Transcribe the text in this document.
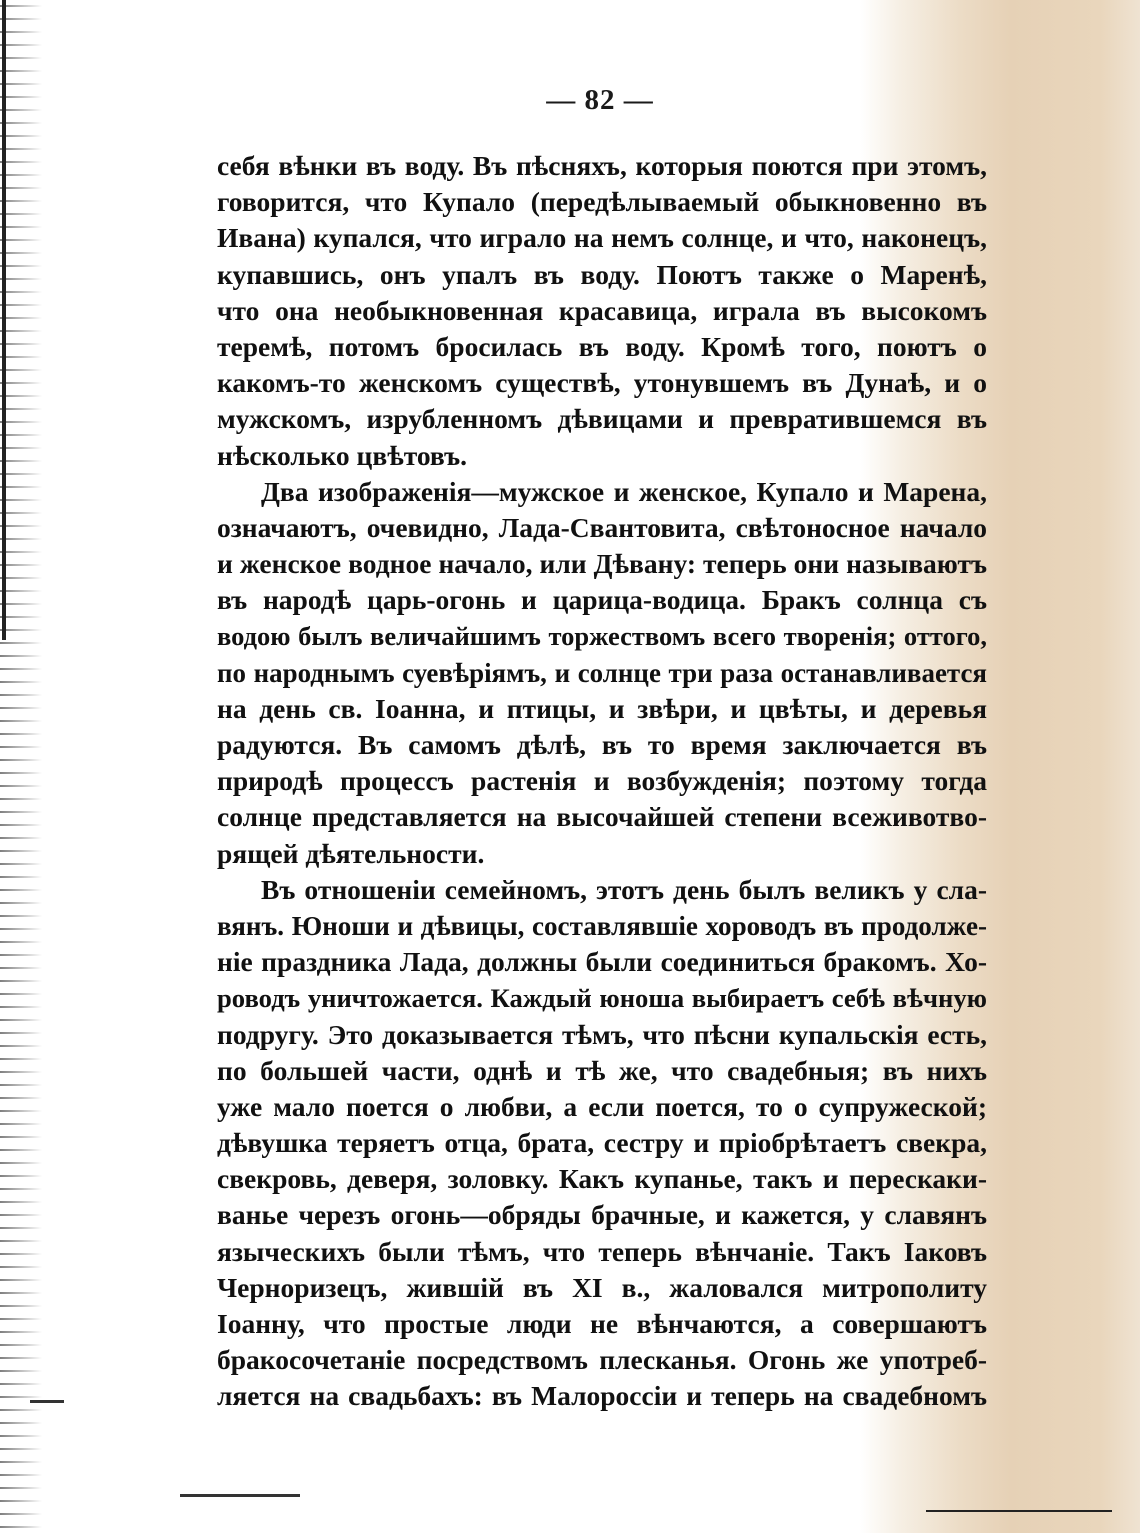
— 82 —
себя вѣнки въ воду. Въ пѣсняхъ, которыя поются при этомъ,
говорится, что Купало (передѣлываемый обыкновенно въ
Ивана) купался, что играло на немъ солнце, и что, наконецъ,
купавшись, онъ упалъ въ воду. Поютъ также о Маренѣ,
что она необыкновенная красавица, играла въ высокомъ
теремѣ, потомъ бросилась въ воду. Кромѣ того, поютъ о
какомъ-то женскомъ существѣ, утонувшемъ въ Дунаѣ, и о
мужскомъ, изрубленномъ дѣвицами и превратившемся въ
нѣсколько цвѣтовъ.
Два изображенія—мужское и женское, Купало и Марена,
означаютъ, очевидно, Лада-Свантовита, свѣтоносное начало
и женское водное начало, или Дѣвану: теперь они называютъ
въ народѣ царь-огонь и царица-водица. Бракъ солнца съ
водою былъ величайшимъ торжествомъ всего творенія; оттого,
по народнымъ суевѣріямъ, и солнце три раза останавливается
на день св. Іоанна, и птицы, и звѣри, и цвѣты, и деревья
радуются. Въ самомъ дѣлѣ, въ то время заключается въ
природѣ процессъ растенія и возбужденія; поэтому тогда
солнце представляется на высочайшей степени всеживотво-
рящей дѣятельности.
Въ отношеніи семейномъ, этотъ день былъ великъ у сла-
вянъ. Юноши и дѣвицы, составлявшіе хороводъ въ продолже-
ніе праздника Лада, должны были соединиться бракомъ. Хо-
роводъ уничтожается. Каждый юноша выбираетъ себѣ вѣчную
подругу. Это доказывается тѣмъ, что пѣсни купальскія есть,
по большей части, однѣ и тѣ же, что свадебныя; въ нихъ
уже мало поется о любви, а если поется, то о супружеской;
дѣвушка теряетъ отца, брата, сестру и пріобрѣтаетъ свекра,
свекровь, деверя, золовку. Какъ купанье, такъ и перескаки-
ванье черезъ огонь—обряды брачные, и кажется, у славянъ
языческихъ были тѣмъ, что теперь вѣнчаніе. Такъ Іаковъ
Черноризецъ, жившій въ XI в., жаловался митрополиту
Іоанну, что простые люди не вѣнчаются, а совершаютъ
бракосочетаніе посредствомъ плесканья. Огонь же употреб-
ляется на свадьбахъ: въ Малороссіи и теперь на свадебномъ
